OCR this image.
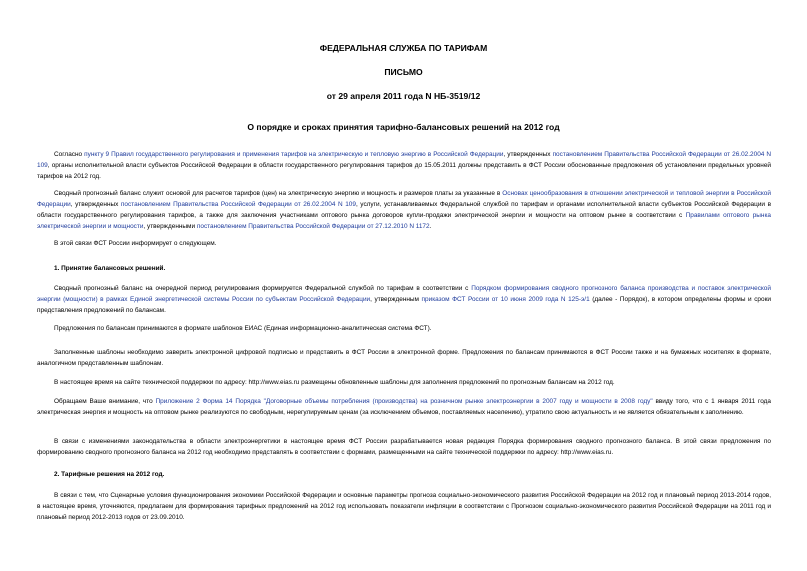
ФЕДЕРАЛЬНАЯ СЛУЖБА ПО ТАРИФАМ
ПИСЬМО
от 29 апреля 2011 года N НБ-3519/12
О порядке и сроках принятия тарифно-балансовых решений на 2012 год

Согласно пункту 9 Правил государственного регулирования и применения тарифов на электрическую и тепловую энергию в Российской Федерации, утвержденных постановлением Правительства Российской Федерации от 26.02.2004 N 109, органы исполнительной власти субъектов Российской Федерации в области государственного регулирования тарифов до 15.05.2011 должны представить в ФСТ России обоснованные предложения об установлении предельных уровней тарифов на 2012 год.

Сводный прогнозный баланс служит основой для расчетов тарифов (цен) на электрическую энергию и мощность и размеров платы за указанные в Основах ценообразования в отношении электрической и тепловой энергии в Российской Федерации, утвержденных постановлением Правительства Российской Федерации от 26.02.2004 N 109, услуги, устанавливаемых Федеральной службой по тарифам и органами исполнительной власти субъектов Российской Федерации в области государственного регулирования тарифов, а также для заключения участниками оптового рынка договоров купли-продажи электрической энергии и мощности на оптовом рынке в соответствии с Правилами оптового рынка электрической энергии и мощности, утвержденными постановлением Правительства Российской Федерации от 27.12.2010 N 1172.

В этой связи ФСТ России информирует о следующем.

1. Принятие балансовых решений.

Сводный прогнозный баланс на очередной период регулирования формируется Федеральной службой по тарифам в соответствии с Порядком формирования сводного прогнозного баланса производства и поставок электрической энергии (мощности) в рамках Единой энергетической системы России по субъектам Российской Федерации, утвержденным приказом ФСТ России от 10 июня 2009 года N 125-э/1 (далее - Порядок), в котором определены формы и сроки представления предложений по балансам.

Предложения по балансам принимаются в формате шаблонов ЕИАС (Единая информационно-аналитическая система ФСТ).

Заполненные шаблоны необходимо заверить электронной цифровой подписью и представить в ФСТ России в электронной форме. Предложения по балансам принимаются в ФСТ России также и на бумажных носителях в формате, аналогичном представленным шаблонам.

В настоящее время на сайте технической поддержки по адресу: http://www.eias.ru размещены обновленные шаблоны для заполнения предложений по прогнозным балансам на 2012 год.

Обращаем Ваше внимание, что Приложение 2 Форма 14 Порядка "Договорные объемы потребления (производства) на розничном рынке электроэнергии в 2007 году и мощности в 2008 году" ввиду того, что с 1 января 2011 года электрическая энергия и мощность на оптовом рынке реализуются по свободным, нерегулируемым ценам (за исключением объемов, поставляемых населению), утратило свою актуальность и не является обязательным к заполнению.

В связи с изменениями законодательства в области электроэнергетики в настоящее время ФСТ России разрабатывается новая редакция Порядка формирования сводного прогнозного баланса. В этой связи предложения по формированию сводного прогнозного баланса на 2012 год необходимо представлять в соответствии с формами, размещенными на сайте технической поддержки по адресу: http://www.eias.ru.

2. Тарифные решения на 2012 год.

В связи с тем, что Сценарные условия функционирования экономики Российской Федерации и основные параметры прогноза социально-экономического развития Российской Федерации на 2012 год и плановый период 2013-2014 годов, в настоящее время, уточняются, предлагаем для формирования тарифных предложений на 2012 год использовать показатели инфляции в соответствии с Прогнозом социально-экономического развития Российской Федерации на 2011 год и плановый период 2012-2013 годов от 23.09.2010.
